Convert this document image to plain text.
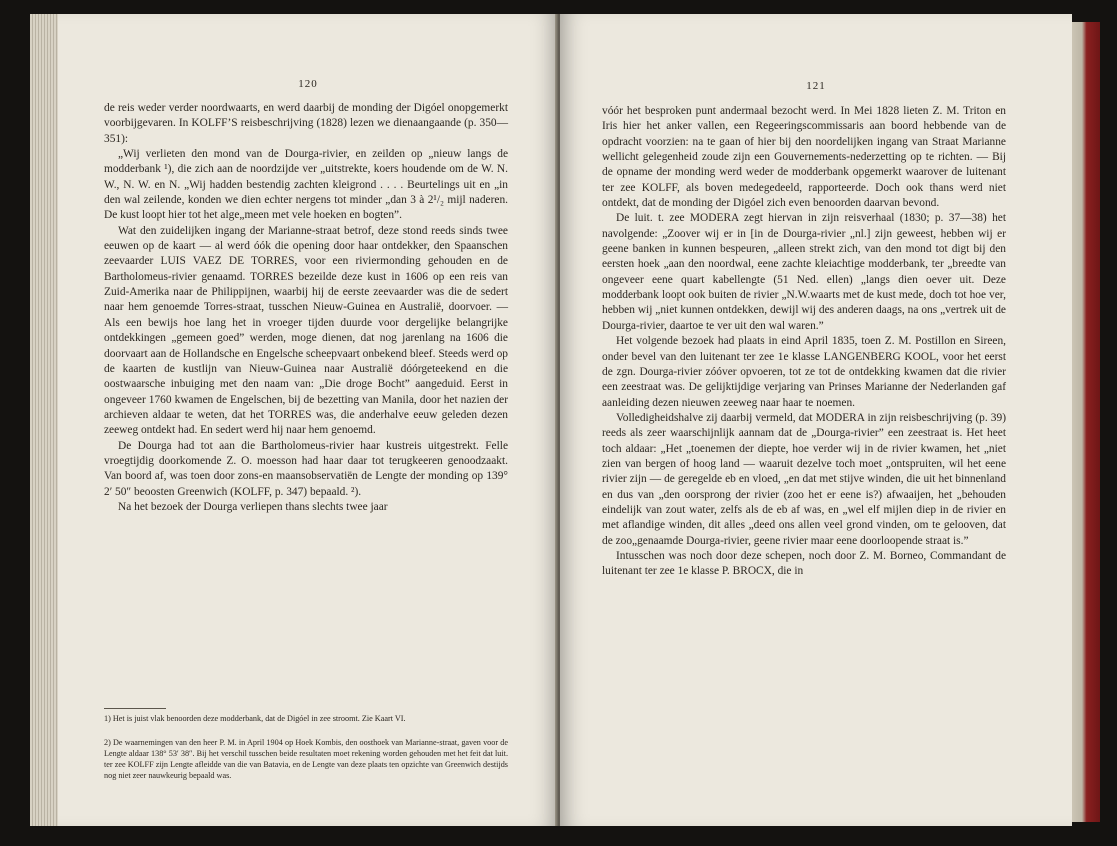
120

de reis weder verder noordwaarts, en werd daarbij de monding der Digóel onopgemerkt voorbijgevaren. In KOLFF’S reisbeschrijving (1828) lezen we dienaangaande (p. 350—351):

„Wij verlieten den mond van de Dourga-rivier, en zeilden op „nieuw langs de modderbank ¹), die zich aan de noordzijde ver „uitstrekte, koers houdende om de W. N. W., N. W. en N. „Wij hadden bestendig zachten kleigrond . . . . Beurtelings uit en „in den wal zeilende, konden we dien echter nergens tot minder „dan 3 à 2¹/₂ mijl naderen. De kust loopt hier tot het alge„meen met vele hoeken en bogten”.

Wat den zuidelijken ingang der Marianne-straat betrof, deze stond reeds sinds twee eeuwen op de kaart — al werd óók die opening door haar ontdekker, den Spaanschen zeevaarder LUIS VAEZ DE TORRES, voor een riviermonding gehouden en de Bartholomeus-rivier genaamd. TORRES bezeilde deze kust in 1606 op een reis van Zuid-Amerika naar de Philippijnen, waarbij hij de eerste zeevaarder was die de sedert naar hem genoemde Torres-straat, tusschen Nieuw-Guinea en Australië, doorvoer. — Als een bewijs hoe lang het in vroeger tijden duurde voor dergelijke belangrijke ontdekkingen „gemeen goed” werden, moge dienen, dat nog jarenlang na 1606 die doorvaart aan de Hollandsche en Engelsche scheepvaart onbekend bleef. Steeds werd op de kaarten de kustlijn van Nieuw-Guinea naar Australië dóórgeteekend en die oostwaarsche inbuiging met den naam van: „Die droge Bocht” aangeduid. Eerst in ongeveer 1760 kwamen de Engelschen, bij de bezetting van Manila, door het nazien der archieven aldaar te weten, dat het TORRES was, die anderhalve eeuw geleden dezen zeeweg ontdekt had. En sedert werd hij naar hem genoemd.

De Dourga had tot aan die Bartholomeus-rivier haar kustreis uitgestrekt. Felle vroegtijdig doorkomende Z. O. moesson had haar daar tot terugkeeren genoodzaakt. Van boord af, was toen door zons-en maansobservatiën de Lengte der monding op 139° 2′ 50″ beoosten Greenwich (KOLFF, p. 347) bepaald. ²).

Na het bezoek der Dourga verliepen thans slechts twee jaar

1) Het is juist vlak benoorden deze modderbank, dat de Digóel in zee stroomt. Zie Kaart VI.
2) De waarnemingen van den heer P. M. in April 1904 op Hoek Kombis, den oosthoek van Marianne-straat, gaven voor de Lengte aldaar 138° 53′ 38″. Bij het verschil tusschen beide resultaten moet rekening worden gehouden met het feit dat luit. ter zee KOLFF zijn Lengte afleidde van die van Batavia, en de Lengte van deze plaats ten opzichte van Greenwich destijds nog niet zeer nauwkeurig bepaald was.
121

vóór het besproken punt andermaal bezocht werd. In Mei 1828 lieten Z. M. Triton en Iris hier het anker vallen, een Regeeringscommissaris aan boord hebbende van de opdracht voorzien: na te gaan of hier bij den noordelijken ingang van Straat Marianne wellicht gelegenheid zoude zijn een Gouvernements-nederzetting op te richten. — Bij de opname der monding werd weder de modderbank opgemerkt waarover de luitenant ter zee KOLFF, als boven medegedeeld, rapporteerde. Doch ook thans werd niet ontdekt, dat de monding der Digóel zich even benoorden daarvan bevond.

De luit. t. zee MODERA zegt hiervan in zijn reisverhaal (1830; p. 37—38) het navolgende: „Zoover wij er in [in de Dourga-rivier „nl.] zijn geweest, hebben wij er geene banken in kunnen bespeuren, „alleen strekt zich, van den mond tot digt bij den eersten hoek „aan den noordwal, eene zachte kleiachtige modderbank, ter „breedte van ongeveer eene quart kabellengte (51 Ned. ellen) „langs dien oever uit. Deze modderbank loopt ook buiten de rivier „N.W.waarts met de kust mede, doch tot hoe ver, hebben wij „niet kunnen ontdekken, dewijl wij des anderen daags, na ons „vertrek uit de Dourga-rivier, daartoe te ver uit den wal waren.”

Het volgende bezoek had plaats in eind April 1835, toen Z. M. Postillon en Sireen, onder bevel van den luitenant ter zee 1e klasse LANGENBERG KOOL, voor het eerst de zgn. Dourga-rivier zóóver opvoeren, tot ze tot de ontdekking kwamen dat die rivier een zeestraat was. De gelijktijdige verjaring van Prinses Marianne der Nederlanden gaf aanleiding dezen nieuwen zeeweg naar haar te noemen.

Volledigheidshalve zij daarbij vermeld, dat MODERA in zijn reisbeschrijving (p. 39) reeds als zeer waarschijnlijk aannam dat de „Dourga-rivier” een zeestraat is. Het heet toch aldaar: „Het „toenemen der diepte, hoe verder wij in de rivier kwamen, het „niet zien van bergen of hoog land — waaruit dezelve toch moet „ontspruiten, wil het eene rivier zijn — de geregelde eb en vloed, „en dat met stijve winden, die uit het binnenland en dus van „den oorsprong der rivier (zoo het er eene is?) afwaaijen, het „behouden eindelijk van zout water, zelfs als de eb af was, en „wel elf mijlen diep in de rivier en met aflandige winden, dit alles „deed ons allen veel grond vinden, om te gelooven, dat de zoo„genaamde Dourga-rivier, geene rivier maar eene doorloopende straat is.”

Intusschen was noch door deze schepen, noch door Z. M. Borneo, Commandant de luitenant ter zee 1e klasse P. BROCX, die in
